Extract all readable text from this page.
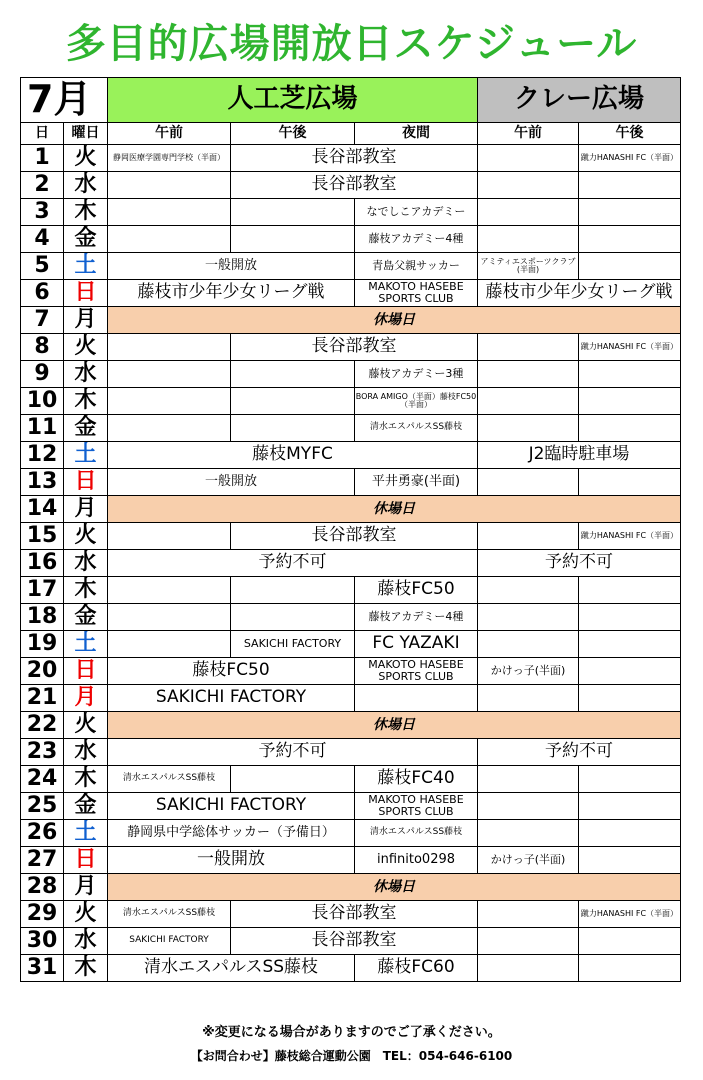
多目的広場開放日スケジュール
7月		人工芝広場			クレー広場	
日	曜日	午前	午後	夜間	午前	午後
1	火	静岡医療学園専門学校（半面）	長谷部教室			蹴力HANASHI FC（半面）
2	水		長谷部教室			
3	木			なでしこアカデミー		
4	金			藤枝アカデミー4種		
5	土	一般開放		青島父親サッカー	アミティエスポーツクラブ(半面)	
6	日	藤枝市少年少女リーグ戦		MAKOTO HASEBE SPORTS CLUB	藤枝市少年少女リーグ戦	
7	月	休場日				
8	火		長谷部教室			蹴力HANASHI FC（半面）
9	水			藤枝アカデミー3種		
10	木			BORA AMIGO（半面）藤枝FC50（半面）		
11	金			清水エスパルスSS藤枝		
12	土	藤枝MYFC			J2臨時駐車場	
13	日	一般開放		平井勇豪(半面)		
14	月	休場日				
15	火		長谷部教室			蹴力HANASHI FC（半面）
16	水	予約不可			予約不可	
17	木			藤枝FC50		
18	金			藤枝アカデミー4種		
19	土		SAKICHI FACTORY	FC YAZAKI		
20	日	藤枝FC50		MAKOTO HASEBE SPORTS CLUB	かけっ子(半面)	
21	月	SAKICHI FACTORY				
22	火	休場日				
23	水	予約不可			予約不可	
24	木	清水エスパルスSS藤枝		藤枝FC40		
25	金	SAKICHI FACTORY		MAKOTO HASEBE SPORTS CLUB		
26	土	静岡県中学総体サッカー（予備日）		清水エスパルスSS藤枝		
27	日	一般開放		infinito0298	かけっ子(半面)	
28	月	休場日				
29	火	清水エスパルスSS藤枝	長谷部教室			蹴力HANASHI FC（半面）
30	水	SAKICHI FACTORY	長谷部教室			
31	木	清水エスパルスSS藤枝		藤枝FC60		
※変更になる場合がありますのでご了承ください。
【お問合わせ】藤枝総合運動公園　TEL：054-646-6100
